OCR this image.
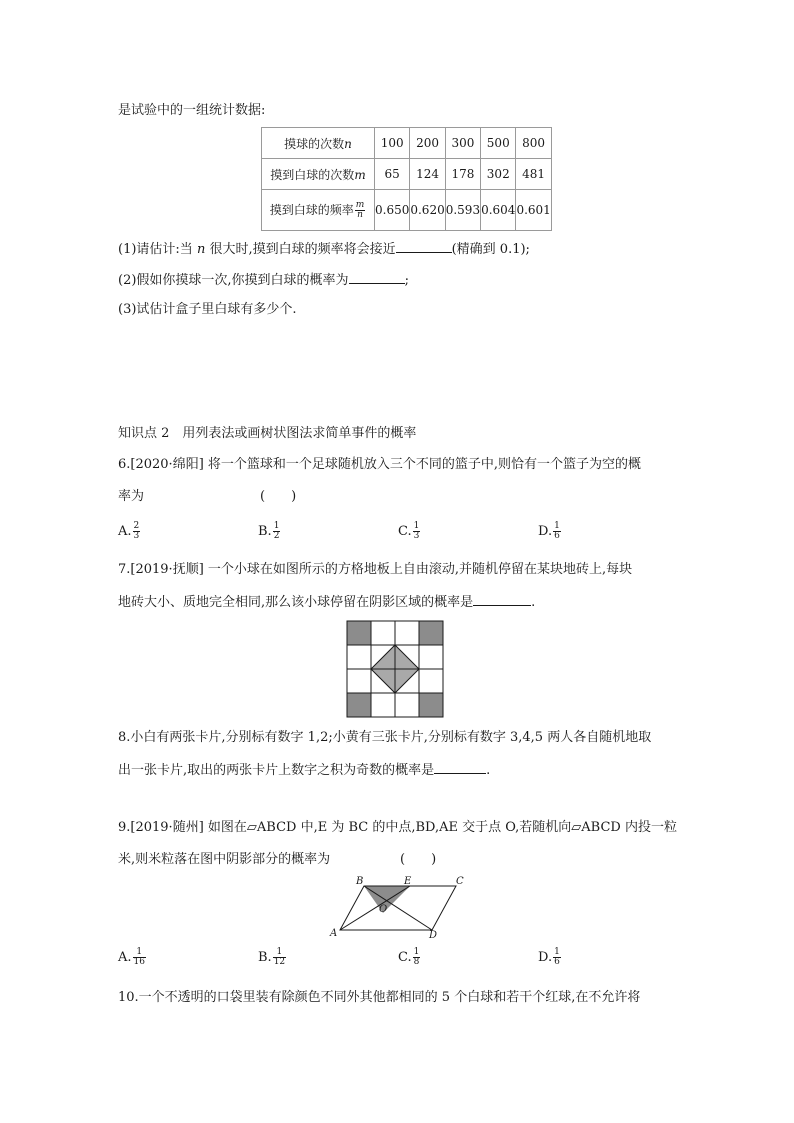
是试验中的一组统计数据:
摸球的次数n	100	200	300	500	800
摸到白球的次数m	65	124	178	302	481
摸到白球的频率 $\frac{m}{n}$	0.650	0.620	0.593	0.604	0.601
(1)请估计:当 n 很大时,摸到白球的频率将会接近	(精确到 0.1);
(2)假如你摸球一次,你摸到白球的概率为	;
(3)试估计盒子里白球有多少个.
知识点 2　用列表法或画树状图法求简单事件的概率
6.[2020·绵阳] 将一个篮球和一个足球随机放入三个不同的篮子中,则恰有一个篮子为空的概
率为	(　　)
A. $\frac{2}{3}$	B. $\frac{1}{2}$	C. $\frac{1}{3}$	D. $\frac{1}{6}$
7.[2019·抚顺] 一个小球在如图所示的方格地板上自由滚动,并随机停留在某块地砖上,每块
地砖大小、质地完全相同,那么该小球停留在阴影区域的概率是	.
8.小白有两张卡片,分别标有数字 1,2;小黄有三张卡片,分别标有数字 3,4,5 两人各自随机地取
出一张卡片,取出的两张卡片上数字之积为奇数的概率是	.
9.[2019·随州] 如图在▱ABCD 中,E 为 BC 的中点,BD,AE 交于点 O,若随机向▱ABCD 内投一粒
米,则米粒落在图中阴影部分的概率为	(　　)
B	E	C
O
A	D
A. $\frac{1}{16}$	B. $\frac{1}{12}$	C. $\frac{1}{8}$	D. $\frac{1}{6}$
10.一个不透明的口袋里装有除颜色不同外其他都相同的 5 个白球和若干个红球,在不允许将
